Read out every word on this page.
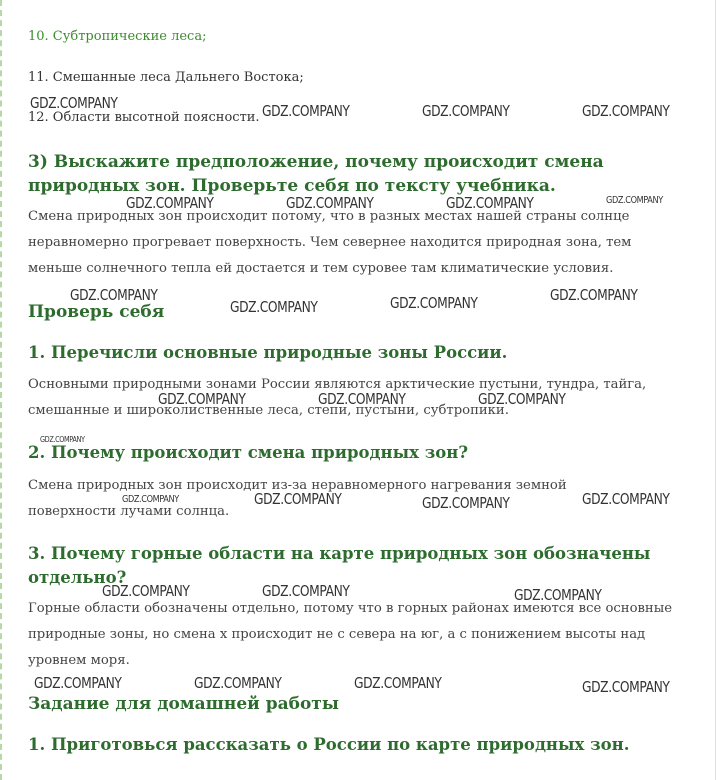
10. Субтропические леса;
11. Смешанные леса Дальнего Востока;
12. Области высотной поясности.
3) Выскажите предположение, почему происходит смена природных зон. Проверьте себя по тексту учебника.
Смена природных зон происходит потому, что в разных местах нашей страны солнце неравномерно прогревает поверхность. Чем севернее находится природная зона, тем меньше солнечного тепла ей достается и тем суровее там климатические условия.
Проверь себя
1. Перечисли основные природные зоны России.
Основными природными зонами России являются арктические пустыни, тундра, тайга, смешанные и широколиственные леса, степи, пустыни, субтропики.
2. Почему происходит смена природных зон?
Смена природных зон происходит из-за неравномерного нагревания земной поверхности лучами солнца.
3. Почему горные области на карте природных зон обозначены отдельно?
Горные области обозначены отдельно, потому что в горных районах имеются все основные природные зоны, но смена х происходит не с севера на юг, а с понижением высоты над уровнем моря.
Задание для домашней работы
1. Приготовься рассказать о России по карте природных зон.
GDZ.COMPANY	GDZ.COMPANY	GDZ.COMPANY	GDZ.COMPANY
GDZ.COMPANY	GDZ.COMPANY	GDZ.COMPANY	GDZ.COMPANY
GDZ.COMPANY
GDZ.COMPANY	GDZ.COMPANY	GDZ.COMPANY
GDZ.COMPANY	GDZ.COMPANY	GDZ.COMPANY
GDZ.COMPANY
GDZ.COMPANY	GDZ.COMPANY	GDZ.COMPANY	GDZ.COMPANY
GDZ.COMPANY	GDZ.COMPANY	GDZ.COMPANY
GDZ.COMPANY	GDZ.COMPANY	GDZ.COMPANY	GDZ.COMPANY
